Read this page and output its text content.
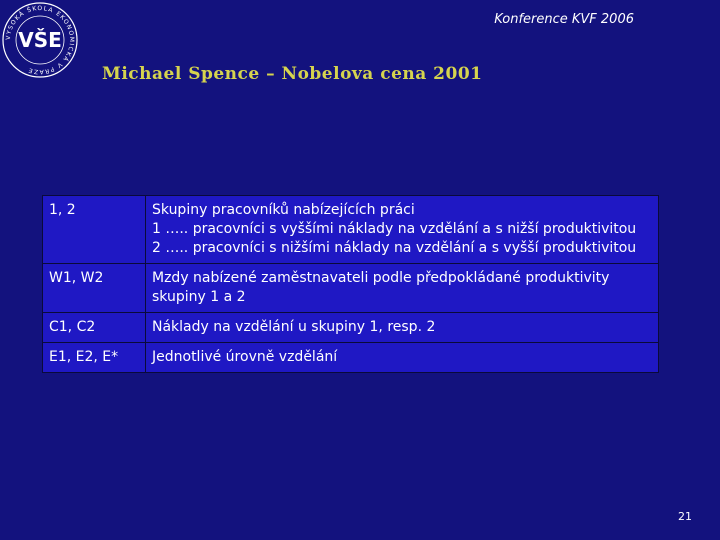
VYSOKÁ ŠKOLA EKONOMICKÁ V PRAZE
VŠE
Konference KVF 2006
Michael Spence – Nobelova cena 2001
1, 2	Skupiny pracovníků nabízejících práci
1 ….. pracovníci s vyššími náklady na vzdělání a s nižší produktivitou
2 ….. pracovníci s nižšími náklady na vzdělání a s vyšší produktivitou

W1, W2	Mzdy nabízené zaměstnavateli podle předpokládané produktivity skupiny 1 a 2

C1, C2	Náklady na vzdělání u skupiny 1, resp. 2

E1, E2, E*	Jednotlivé úrovně vzdělání
21
